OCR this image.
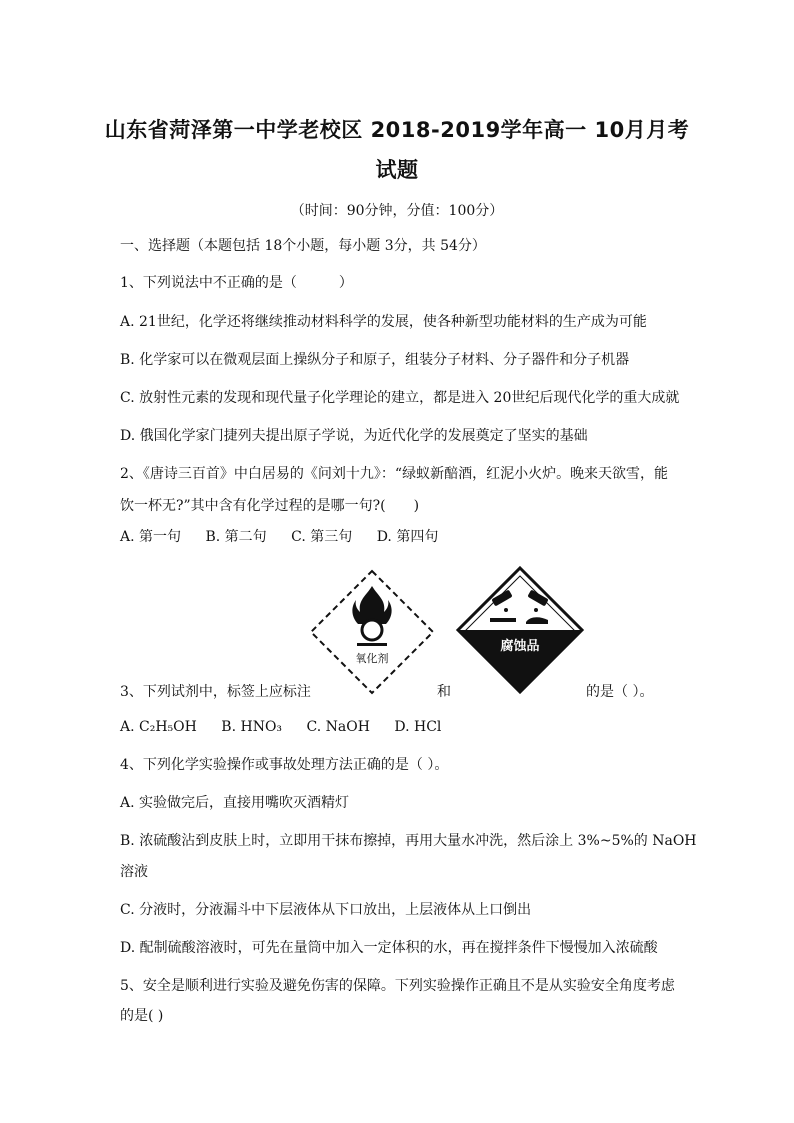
山东省菏泽第一中学老校区 2018-2019学年高一 10月月考
试题
（时间：90分钟，分值：100分）
一、选择题（本题包括 18个小题，每小题 3分，共 54分）
1、下列说法中不正确的是（　　　）
A. 21世纪，化学还将继续推动材料科学的发展，使各种新型功能材料的生产成为可能
B. 化学家可以在微观层面上操纵分子和原子，组装分子材料、分子器件和分子机器
C. 放射性元素的发现和现代量子化学理论的建立，都是进入 20世纪后现代化学的重大成就
D. 俄国化学家门捷列夫提出原子学说，为近代化学的发展奠定了坚实的基础
2、《唐诗三百首》中白居易的《问刘十九》：“绿蚁新醅酒，红泥小火炉。晚来天欲雪，能
饮一杯无?”其中含有化学过程的是哪一句?(　　)
A. 第一句 B. 第二句 C. 第三句 D. 第四句
氧化剂
腐蚀品
3、下列试剂中，标签上应标注	和	的是（ ）。
A. C₂H₅OH B. HNO₃ C. NaOH D. HCl
4、下列化学实验操作或事故处理方法正确的是（ ）。
A. 实验做完后，直接用嘴吹灭酒精灯
B. 浓硫酸沾到皮肤上时，立即用干抹布擦掉，再用大量水冲洗，然后涂上 3%~5%的 NaOH
溶液
C. 分液时，分液漏斗中下层液体从下口放出，上层液体从上口倒出
D. 配制硫酸溶液时，可先在量筒中加入一定体积的水，再在搅拌条件下慢慢加入浓硫酸
5、安全是顺利进行实验及避免伤害的保障。下列实验操作正确且不是从实验安全角度考虑
的是( )
